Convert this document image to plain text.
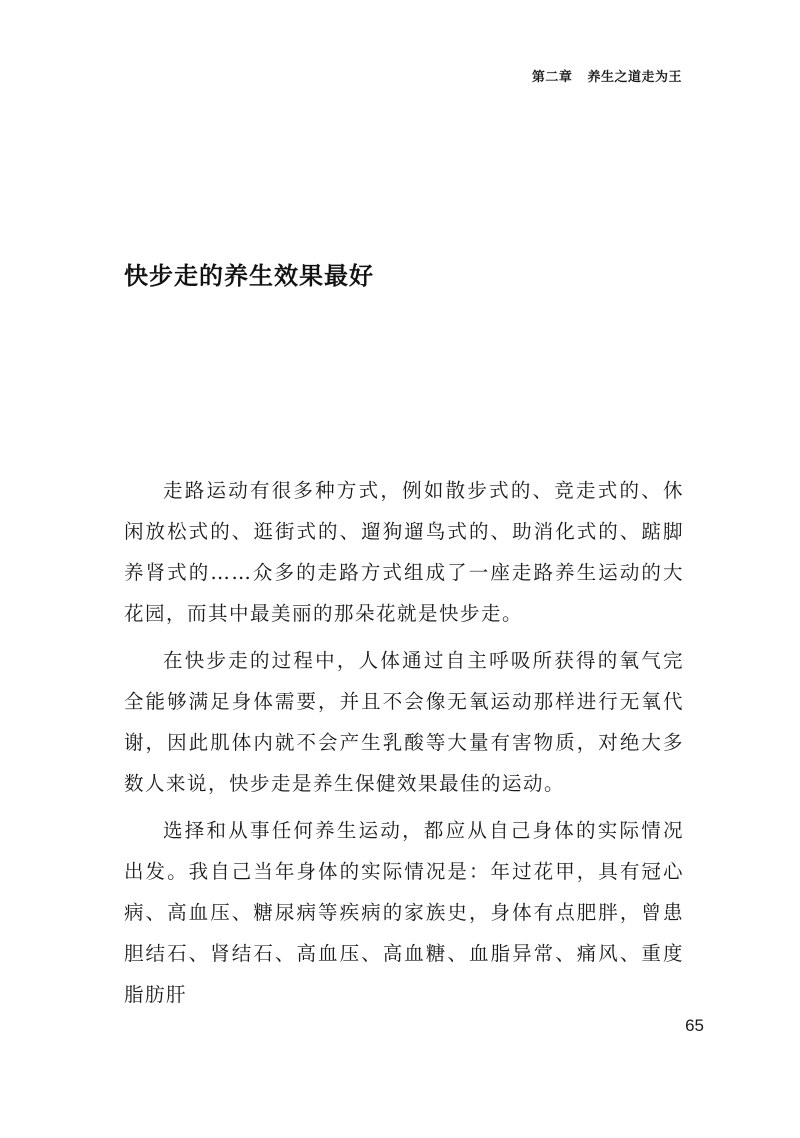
第二章   养生之道走为王
快步走的养生效果最好

走路运动有很多种方式，例如散步式的、竞走式的、休闲放松式的、逛街式的、遛狗遛鸟式的、助消化式的、踮脚养肾式的……众多的走路方式组成了一座走路养生运动的大花园，而其中最美丽的那朵花就是快步走。

在快步走的过程中，人体通过自主呼吸所获得的氧气完全能够满足身体需要，并且不会像无氧运动那样进行无氧代谢，因此肌体内就不会产生乳酸等大量有害物质，对绝大多数人来说，快步走是养生保健效果最佳的运动。

选择和从事任何养生运动，都应从自己身体的实际情况出发。我自己当年身体的实际情况是：年过花甲，具有冠心病、高血压、糖尿病等疾病的家族史，身体有点肥胖，曾患胆结石、肾结石、高血压、高血糖、血脂异常、痛风、重度脂肪肝

65
